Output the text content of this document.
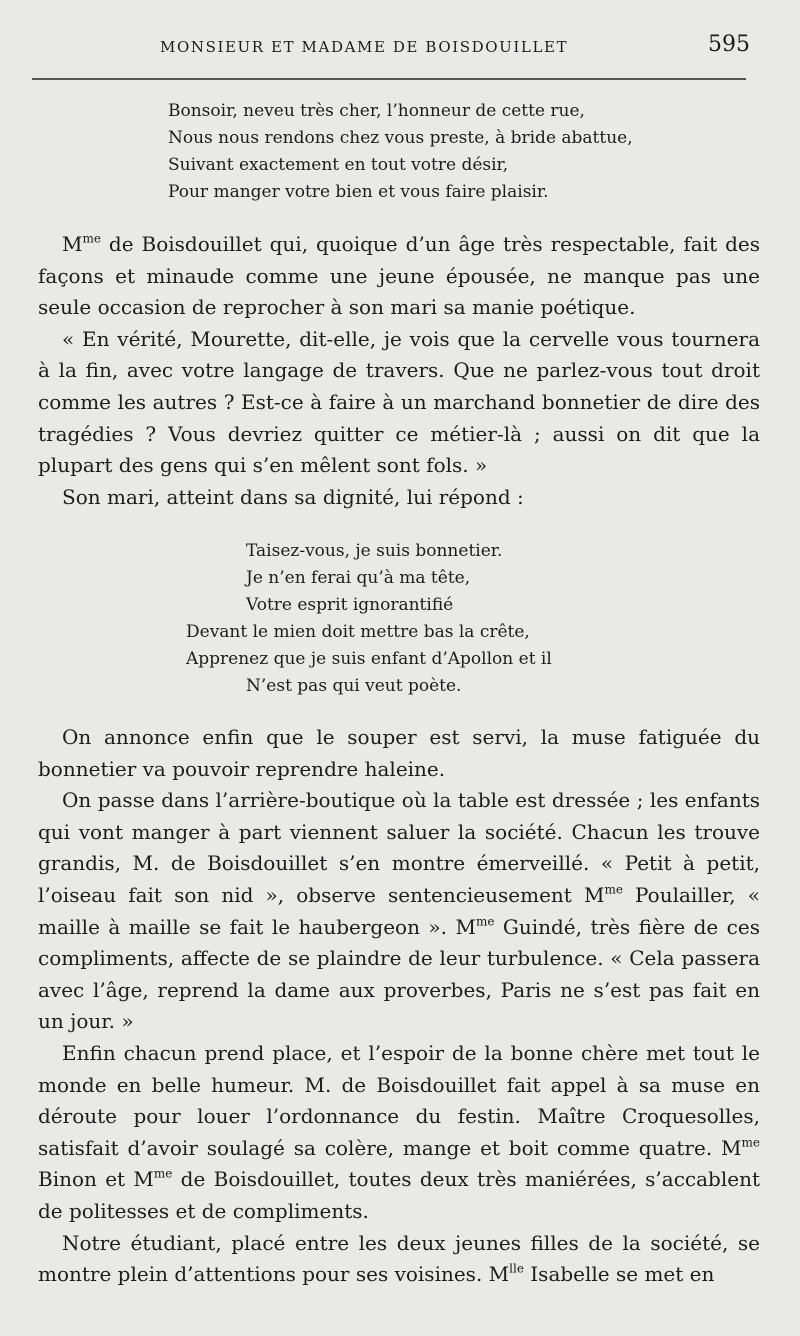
MONSIEUR ET MADAME DE BOISDOUILLET	595
Bonsoir, neveu très cher, l’honneur de cette rue,
Nous nous rendons chez vous preste, à bride abattue,
Suivant exactement en tout votre désir,
Pour manger votre bien et vous faire plaisir.

$M^{me}$ de Boisdouillet qui, quoique d’un âge très respectable, fait des façons et minaude comme une jeune épousée, ne manque pas une seule occasion de reprocher à son mari sa manie poétique.

« En vérité, Mourette, dit-elle, je vois que la cervelle vous tournera à la fin, avec votre langage de travers. Que ne parlez-vous tout droit comme les autres ? Est-ce à faire à un marchand bonnetier de dire des tragédies ? Vous devriez quitter ce métier-là ; aussi on dit que la plupart des gens qui s’en mêlent sont fols. »

Son mari, atteint dans sa dignité, lui répond :

Taisez-vous, je suis bonnetier.
Je n’en ferai qu’à ma tête,
Votre esprit ignorantifié
Devant le mien doit mettre bas la crête,
Apprenez que je suis enfant d’Apollon et il
N’est pas qui veut poète.

On annonce enfin que le souper est servi, la muse fatiguée du bonnetier va pouvoir reprendre haleine.

On passe dans l’arrière-boutique où la table est dressée ; les enfants qui vont manger à part viennent saluer la société. Chacun les trouve grandis, M. de Boisdouillet s’en montre émerveillé. « Petit à petit, l’oiseau fait son nid », observe sentencieusement $M^{me}$ Poulailler, « maille à maille se fait le haubergeon ». $M^{me}$ Guindé, très fière de ces compliments, affecte de se plaindre de leur turbulence. « Cela passera avec l’âge, reprend la dame aux proverbes, Paris ne s’est pas fait en un jour. »

Enfin chacun prend place, et l’espoir de la bonne chère met tout le monde en belle humeur. M. de Boisdouillet fait appel à sa muse en déroute pour louer l’ordonnance du festin. Maître Croquesolles, satisfait d’avoir soulagé sa colère, mange et boit comme quatre. $M^{me}$ Binon et $M^{me}$ de Boisdouillet, toutes deux très maniérées, s’accablent de politesses et de compliments.

Notre étudiant, placé entre les deux jeunes filles de la société, se montre plein d’attentions pour ses voisines. $M^{lle}$ Isabelle se met en
